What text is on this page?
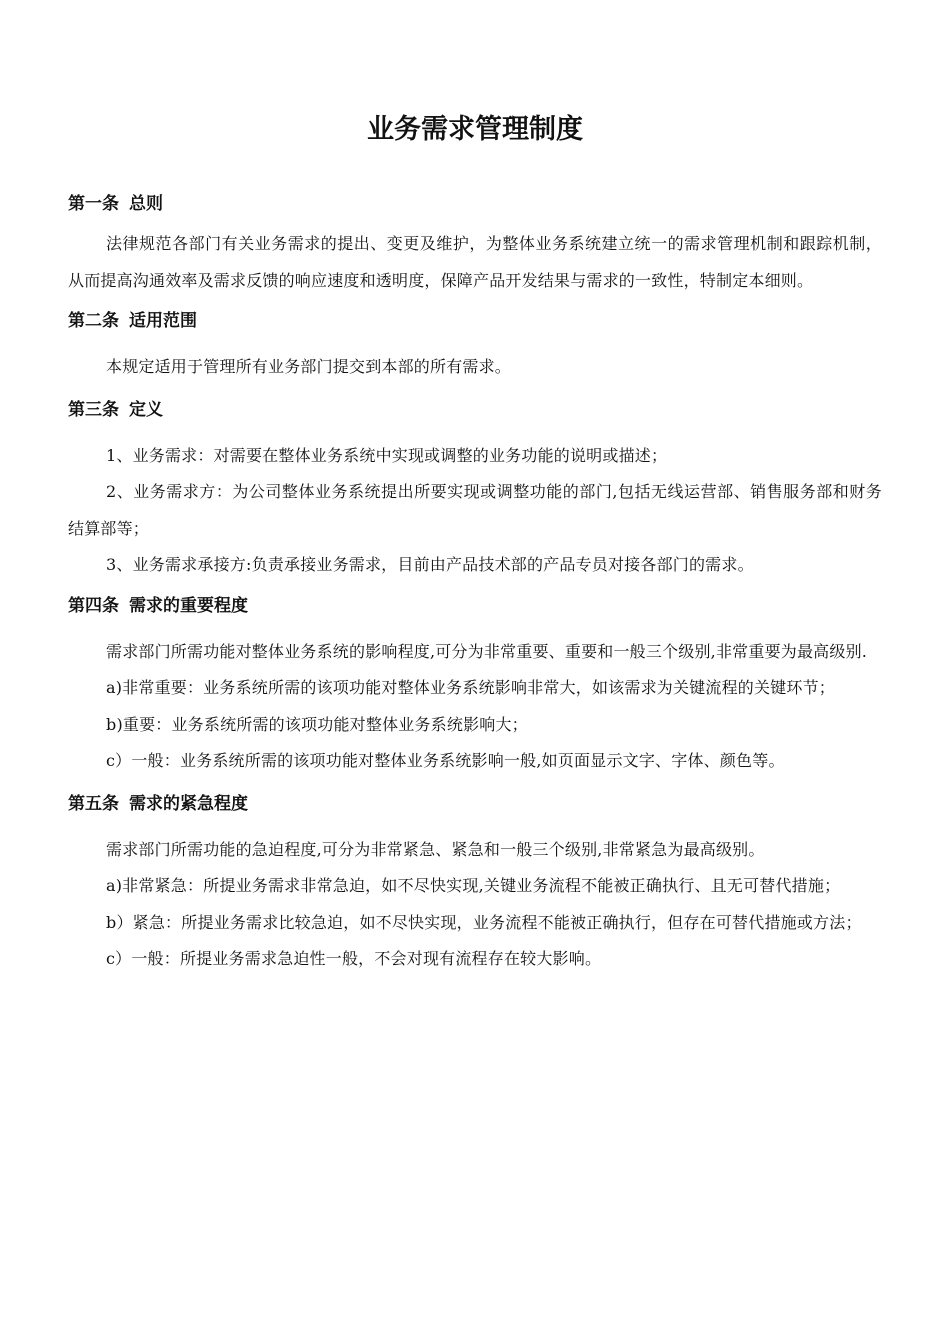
业务需求管理制度
第一条 总则

法律规范各部门有关业务需求的提出、变更及维护，为整体业务系统建立统一的需求管理机制和跟踪机制，从而提高沟通效率及需求反馈的响应速度和透明度，保障产品开发结果与需求的一致性，特制定本细则。

第二条 适用范围

本规定适用于管理所有业务部门提交到本部的所有需求。

第三条 定义

1、业务需求：对需要在整体业务系统中实现或调整的业务功能的说明或描述；

2、业务需求方：为公司整体业务系统提出所要实现或调整功能的部门,包括无线运营部、销售服务部和财务结算部等；

3、业务需求承接方:负责承接业务需求，目前由产品技术部的产品专员对接各部门的需求。

第四条 需求的重要程度

需求部门所需功能对整体业务系统的影响程度,可分为非常重要、重要和一般三个级别,非常重要为最高级别.

a)非常重要：业务系统所需的该项功能对整体业务系统影响非常大，如该需求为关键流程的关键环节；

b)重要：业务系统所需的该项功能对整体业务系统影响大；

c）一般：业务系统所需的该项功能对整体业务系统影响一般,如页面显示文字、字体、颜色等。

第五条 需求的紧急程度

需求部门所需功能的急迫程度,可分为非常紧急、紧急和一般三个级别,非常紧急为最高级别。

a)非常紧急：所提业务需求非常急迫，如不尽快实现,关键业务流程不能被正确执行、且无可替代措施；

b）紧急：所提业务需求比较急迫，如不尽快实现，业务流程不能被正确执行，但存在可替代措施或方法；

c）一般：所提业务需求急迫性一般，不会对现有流程存在较大影响。
